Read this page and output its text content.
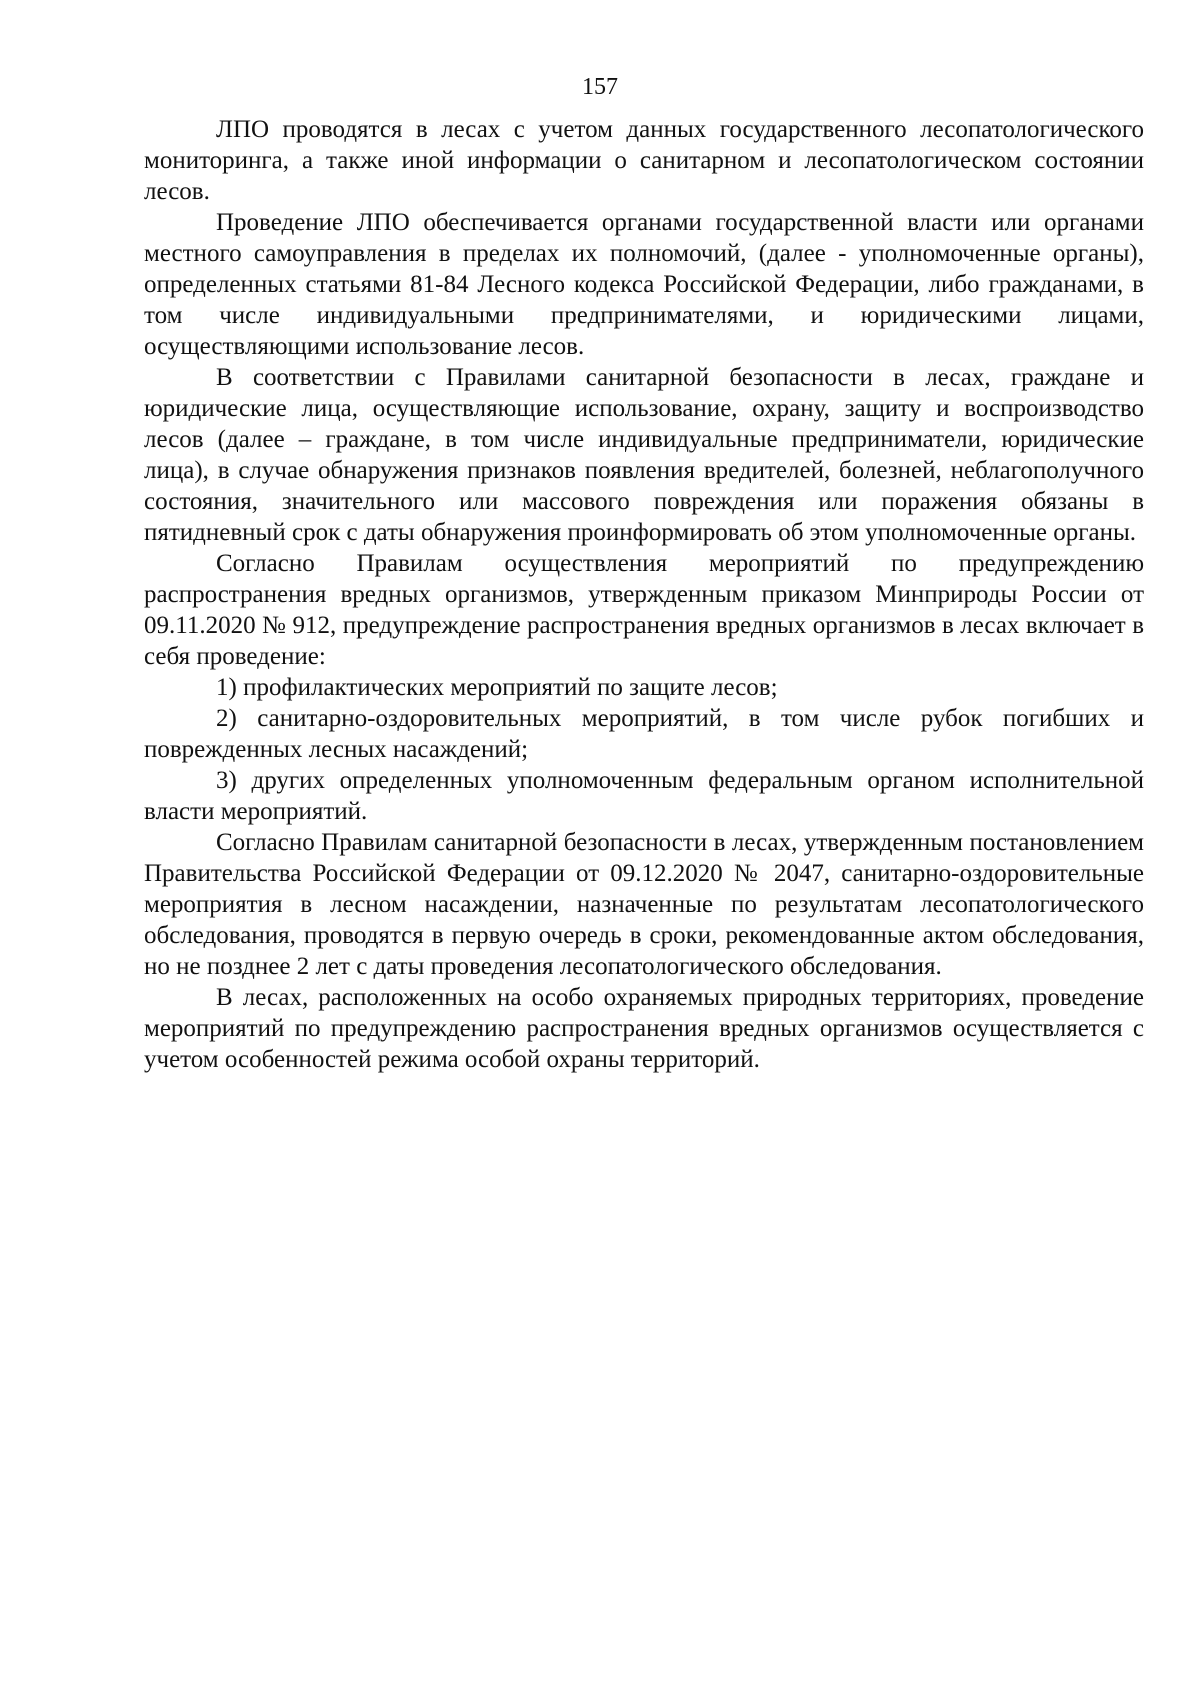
157

ЛПО проводятся в лесах с учетом данных государственного лесопатологического мониторинга, а также иной информации о санитарном и лесопатологическом состоянии лесов.

Проведение ЛПО обеспечивается органами государственной власти или органами местного самоуправления в пределах их полномочий, (далее - уполномоченные органы), определенных статьями 81-84 Лесного кодекса Российской Федерации, либо гражданами, в том числе индивидуальными предпринимателями, и юридическими лицами, осуществляющими использование лесов.

В соответствии с Правилами санитарной безопасности в лесах, граждане и юридические лица, осуществляющие использование, охрану, защиту и воспроизводство лесов (далее – граждане, в том числе индивидуальные предприниматели, юридические лица), в случае обнаружения признаков появления вредителей, болезней, неблагополучного состояния, значительного или массового повреждения или поражения обязаны в пятидневный срок с даты обнаружения проинформировать об этом уполномоченные органы.

Согласно Правилам осуществления мероприятий по предупреждению распространения вредных организмов, утвержденным приказом Минприроды России от 09.11.2020 № 912, предупреждение распространения вредных организмов в лесах включает в себя проведение:

1) профилактических мероприятий по защите лесов;

2) санитарно-оздоровительных мероприятий, в том числе рубок погибших и поврежденных лесных насаждений;

3) других определенных уполномоченным федеральным органом исполнительной власти мероприятий.

Согласно Правилам санитарной безопасности в лесах, утвержденным постановлением Правительства Российской Федерации от 09.12.2020 № 2047, санитарно-оздоровительные мероприятия в лесном насаждении, назначенные по результатам лесопатологического обследования, проводятся в первую очередь в сроки, рекомендованные актом обследования, но не позднее 2 лет с даты проведения лесопатологического обследования.

В лесах, расположенных на особо охраняемых природных территориях, проведение мероприятий по предупреждению распространения вредных организмов осуществляется с учетом особенностей режима особой охраны территорий.
